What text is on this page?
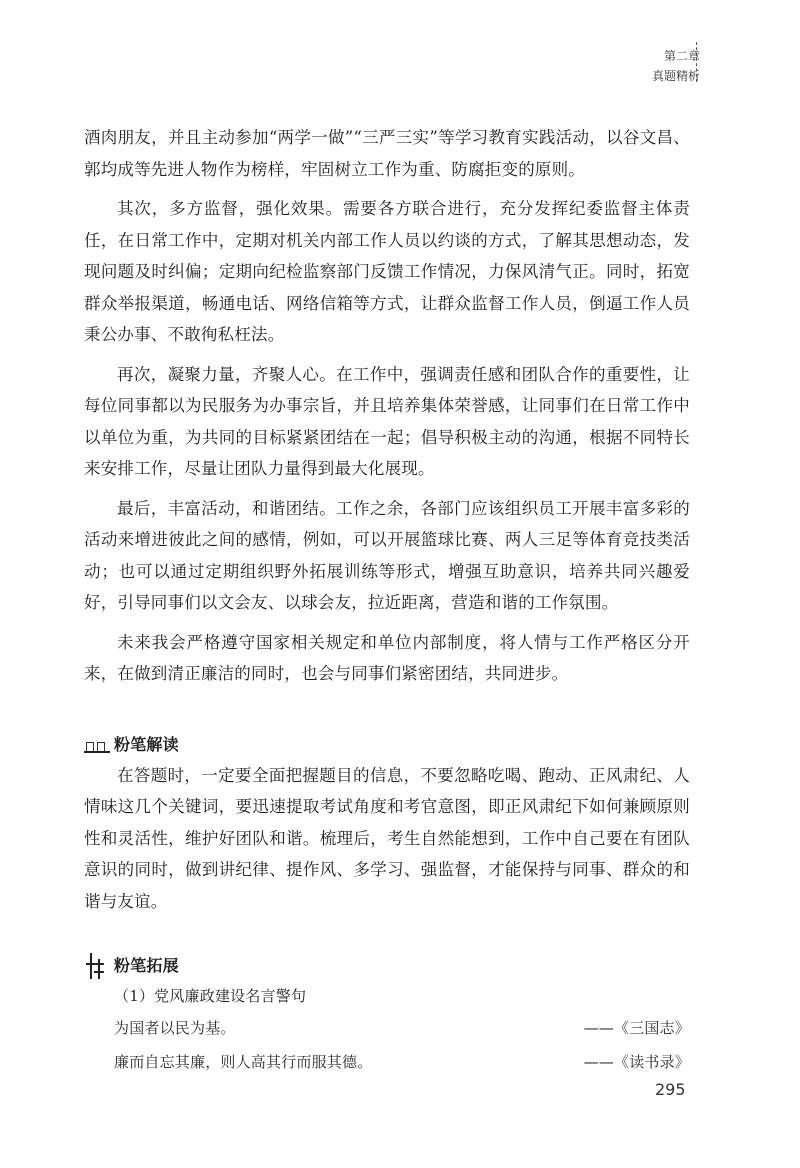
第二章
真题精析

酒肉朋友，并且主动参加“两学一做”“三严三实”等学习教育实践活动，以谷文昌、郭均成等先进人物作为榜样，牢固树立工作为重、防腐拒变的原则。

其次，多方监督，强化效果。需要各方联合进行，充分发挥纪委监督主体责任，在日常工作中，定期对机关内部工作人员以约谈的方式，了解其思想动态，发现问题及时纠偏；定期向纪检监察部门反馈工作情况，力保风清气正。同时，拓宽群众举报渠道，畅通电话、网络信箱等方式，让群众监督工作人员，倒逼工作人员秉公办事、不敢徇私枉法。

再次，凝聚力量，齐聚人心。在工作中，强调责任感和团队合作的重要性，让每位同事都以为民服务为办事宗旨，并且培养集体荣誉感，让同事们在日常工作中以单位为重，为共同的目标紧紧团结在一起；倡导积极主动的沟通，根据不同特长来安排工作，尽量让团队力量得到最大化展现。

最后，丰富活动，和谐团结。工作之余，各部门应该组织员工开展丰富多彩的活动来增进彼此之间的感情，例如，可以开展篮球比赛、两人三足等体育竞技类活动；也可以通过定期组织野外拓展训练等形式，增强互助意识，培养共同兴趣爱好，引导同事们以文会友、以球会友，拉近距离，营造和谐的工作氛围。

未来我会严格遵守国家相关规定和单位内部制度，将人情与工作严格区分开来，在做到清正廉洁的同时，也会与同事们紧密团结，共同进步。

粉笔解读

在答题时，一定要全面把握题目的信息，不要忽略吃喝、跑动、正风肃纪、人情味这几个关键词，要迅速提取考试角度和考官意图，即正风肃纪下如何兼顾原则性和灵活性，维护好团队和谐。梳理后，考生自然能想到，工作中自己要在有团队意识的同时，做到讲纪律、提作风、多学习、强监督，才能保持与同事、群众的和谐与友谊。

粉笔拓展

（1）党风廉政建设名言警句

为国者以民为基。	——《三国志》
廉而自忘其廉，则人高其行而服其德。	——《读书录》
295
